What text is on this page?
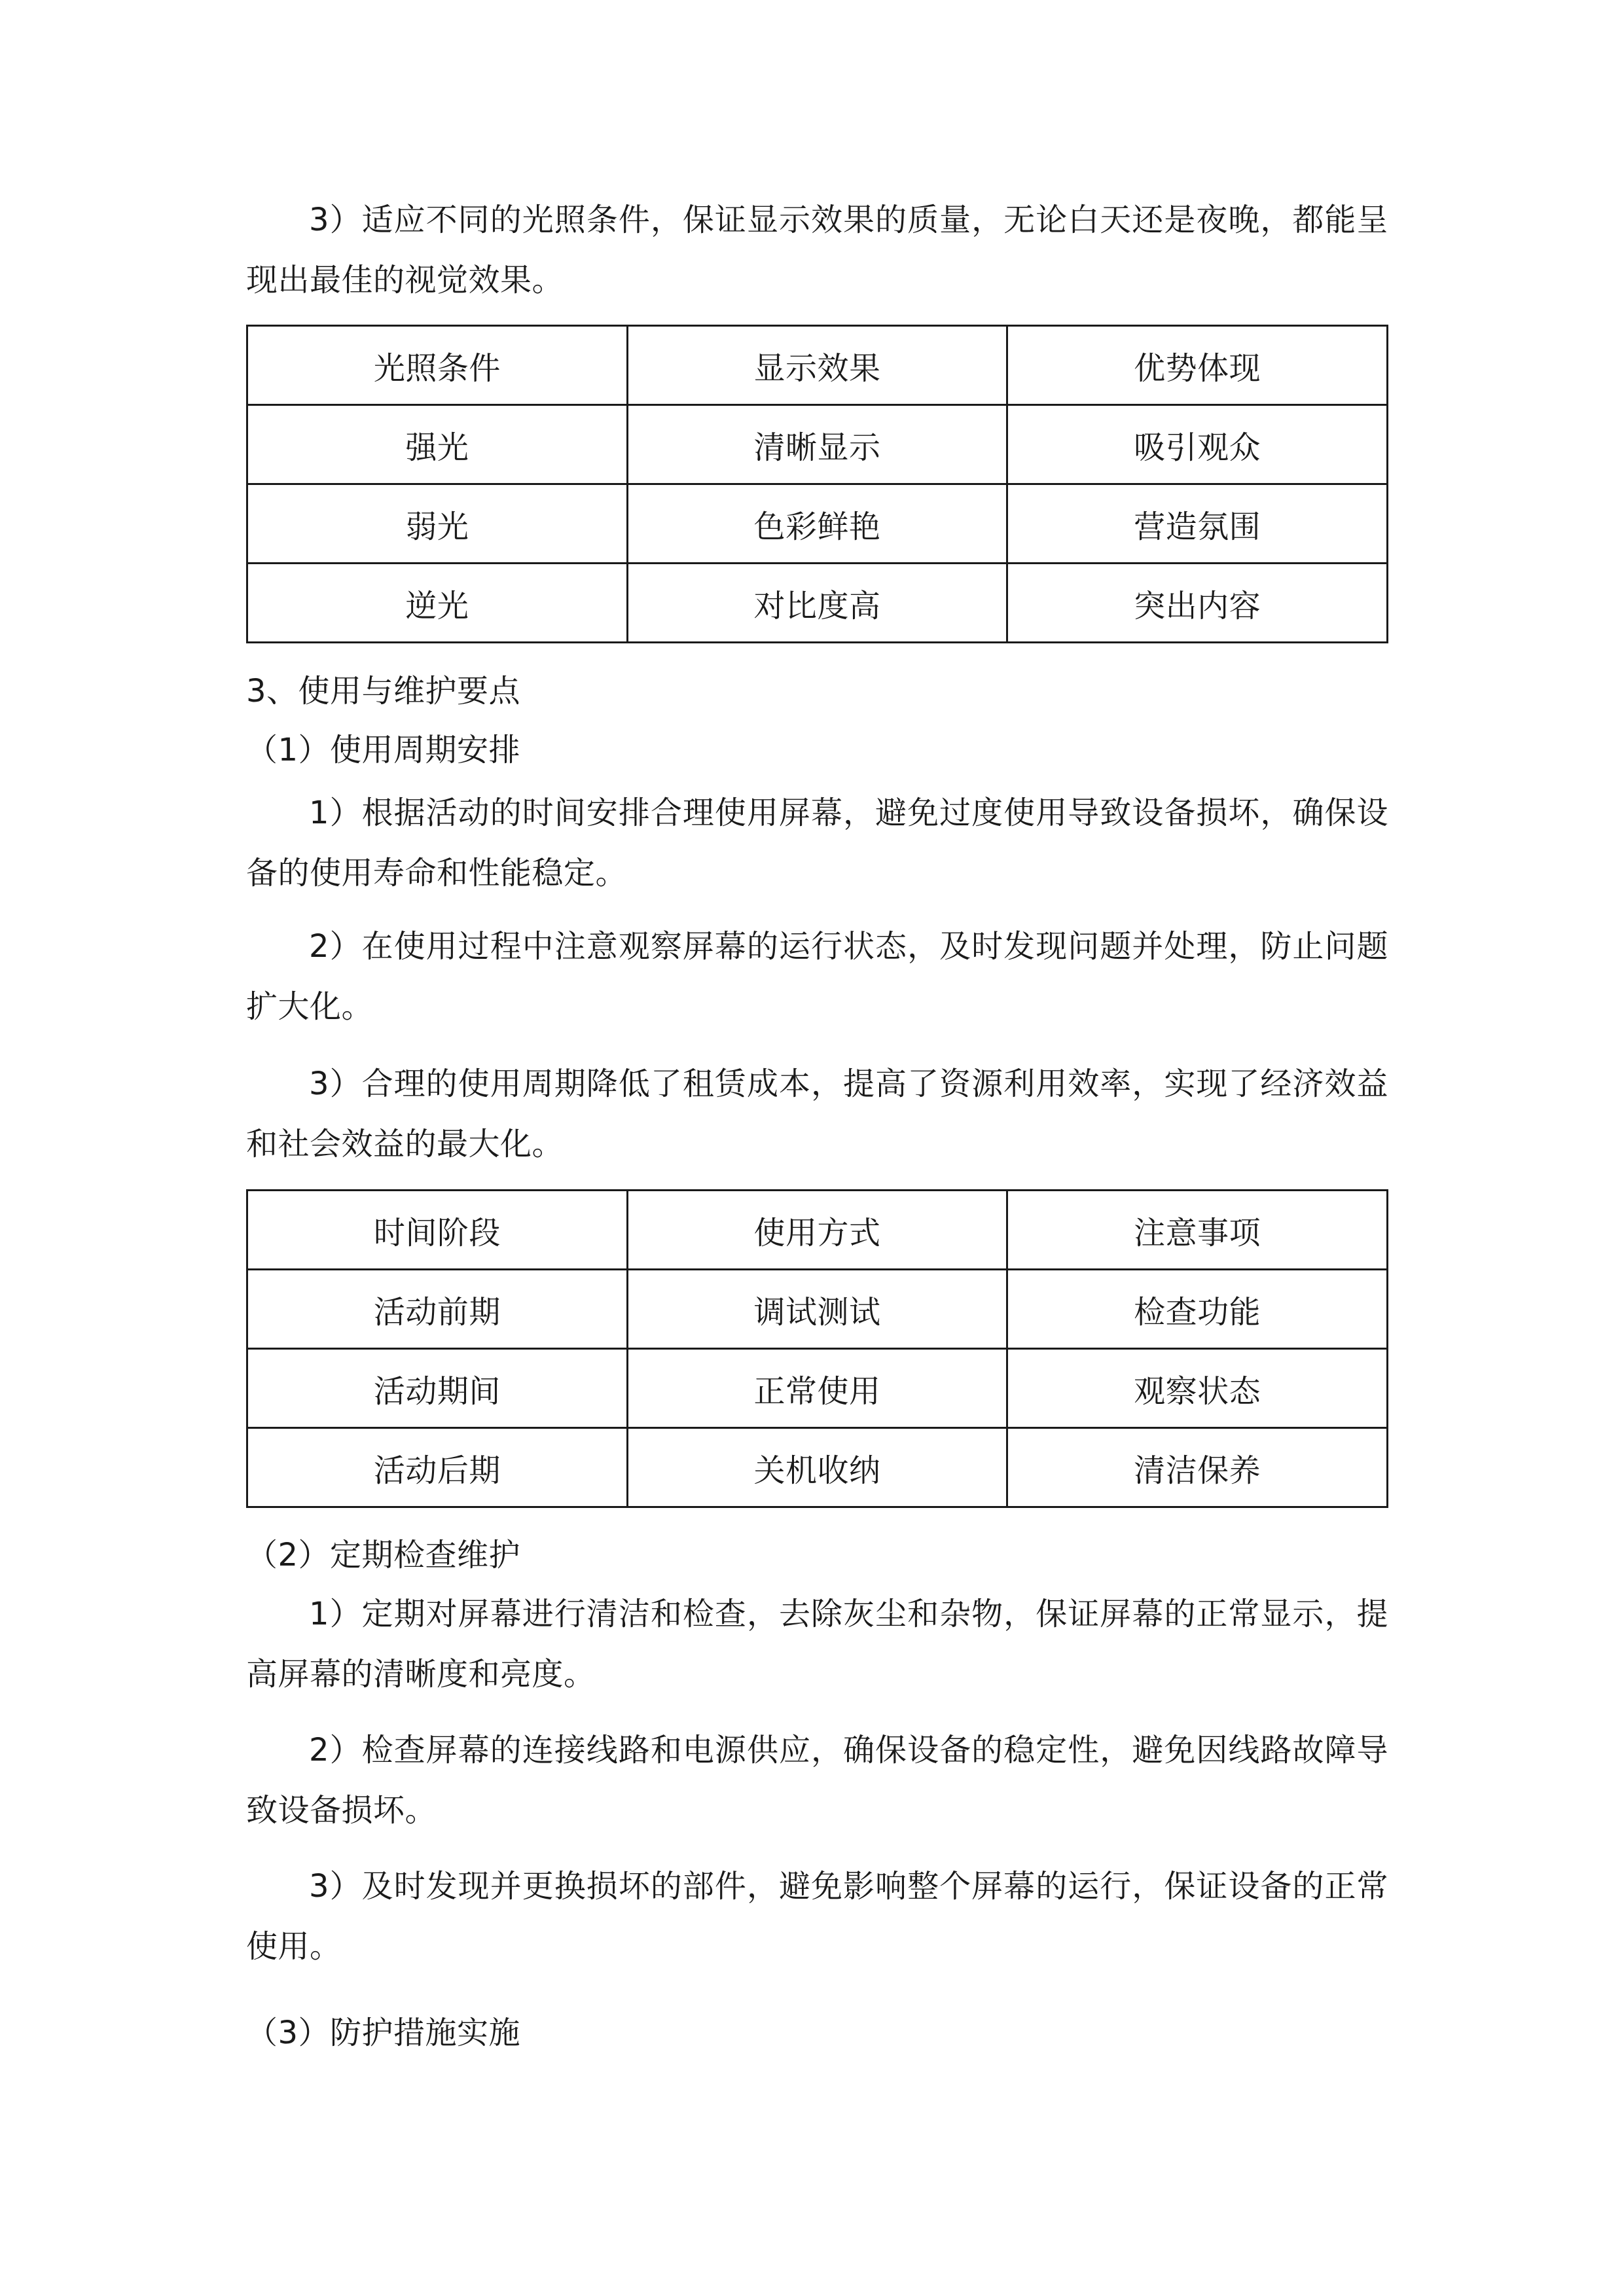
3）适应不同的光照条件，保证显示效果的质量，无论白天还是夜晚，都能呈现出最佳的视觉效果。

光照条件	显示效果	优势体现
强光	清晰显示	吸引观众
弱光	色彩鲜艳	营造氛围
逆光	对比度高	突出内容

3、使用与维护要点

（1）使用周期安排

1）根据活动的时间安排合理使用屏幕，避免过度使用导致设备损坏，确保设备的使用寿命和性能稳定。

2）在使用过程中注意观察屏幕的运行状态，及时发现问题并处理，防止问题扩大化。

3）合理的使用周期降低了租赁成本，提高了资源利用效率，实现了经济效益和社会效益的最大化。

时间阶段	使用方式	注意事项
活动前期	调试测试	检查功能
活动期间	正常使用	观察状态
活动后期	关机收纳	清洁保养

（2）定期检查维护

1）定期对屏幕进行清洁和检查，去除灰尘和杂物，保证屏幕的正常显示，提高屏幕的清晰度和亮度。

2）检查屏幕的连接线路和电源供应，确保设备的稳定性，避免因线路故障导致设备损坏。

3）及时发现并更换损坏的部件，避免影响整个屏幕的运行，保证设备的正常使用。

（3）防护措施实施
